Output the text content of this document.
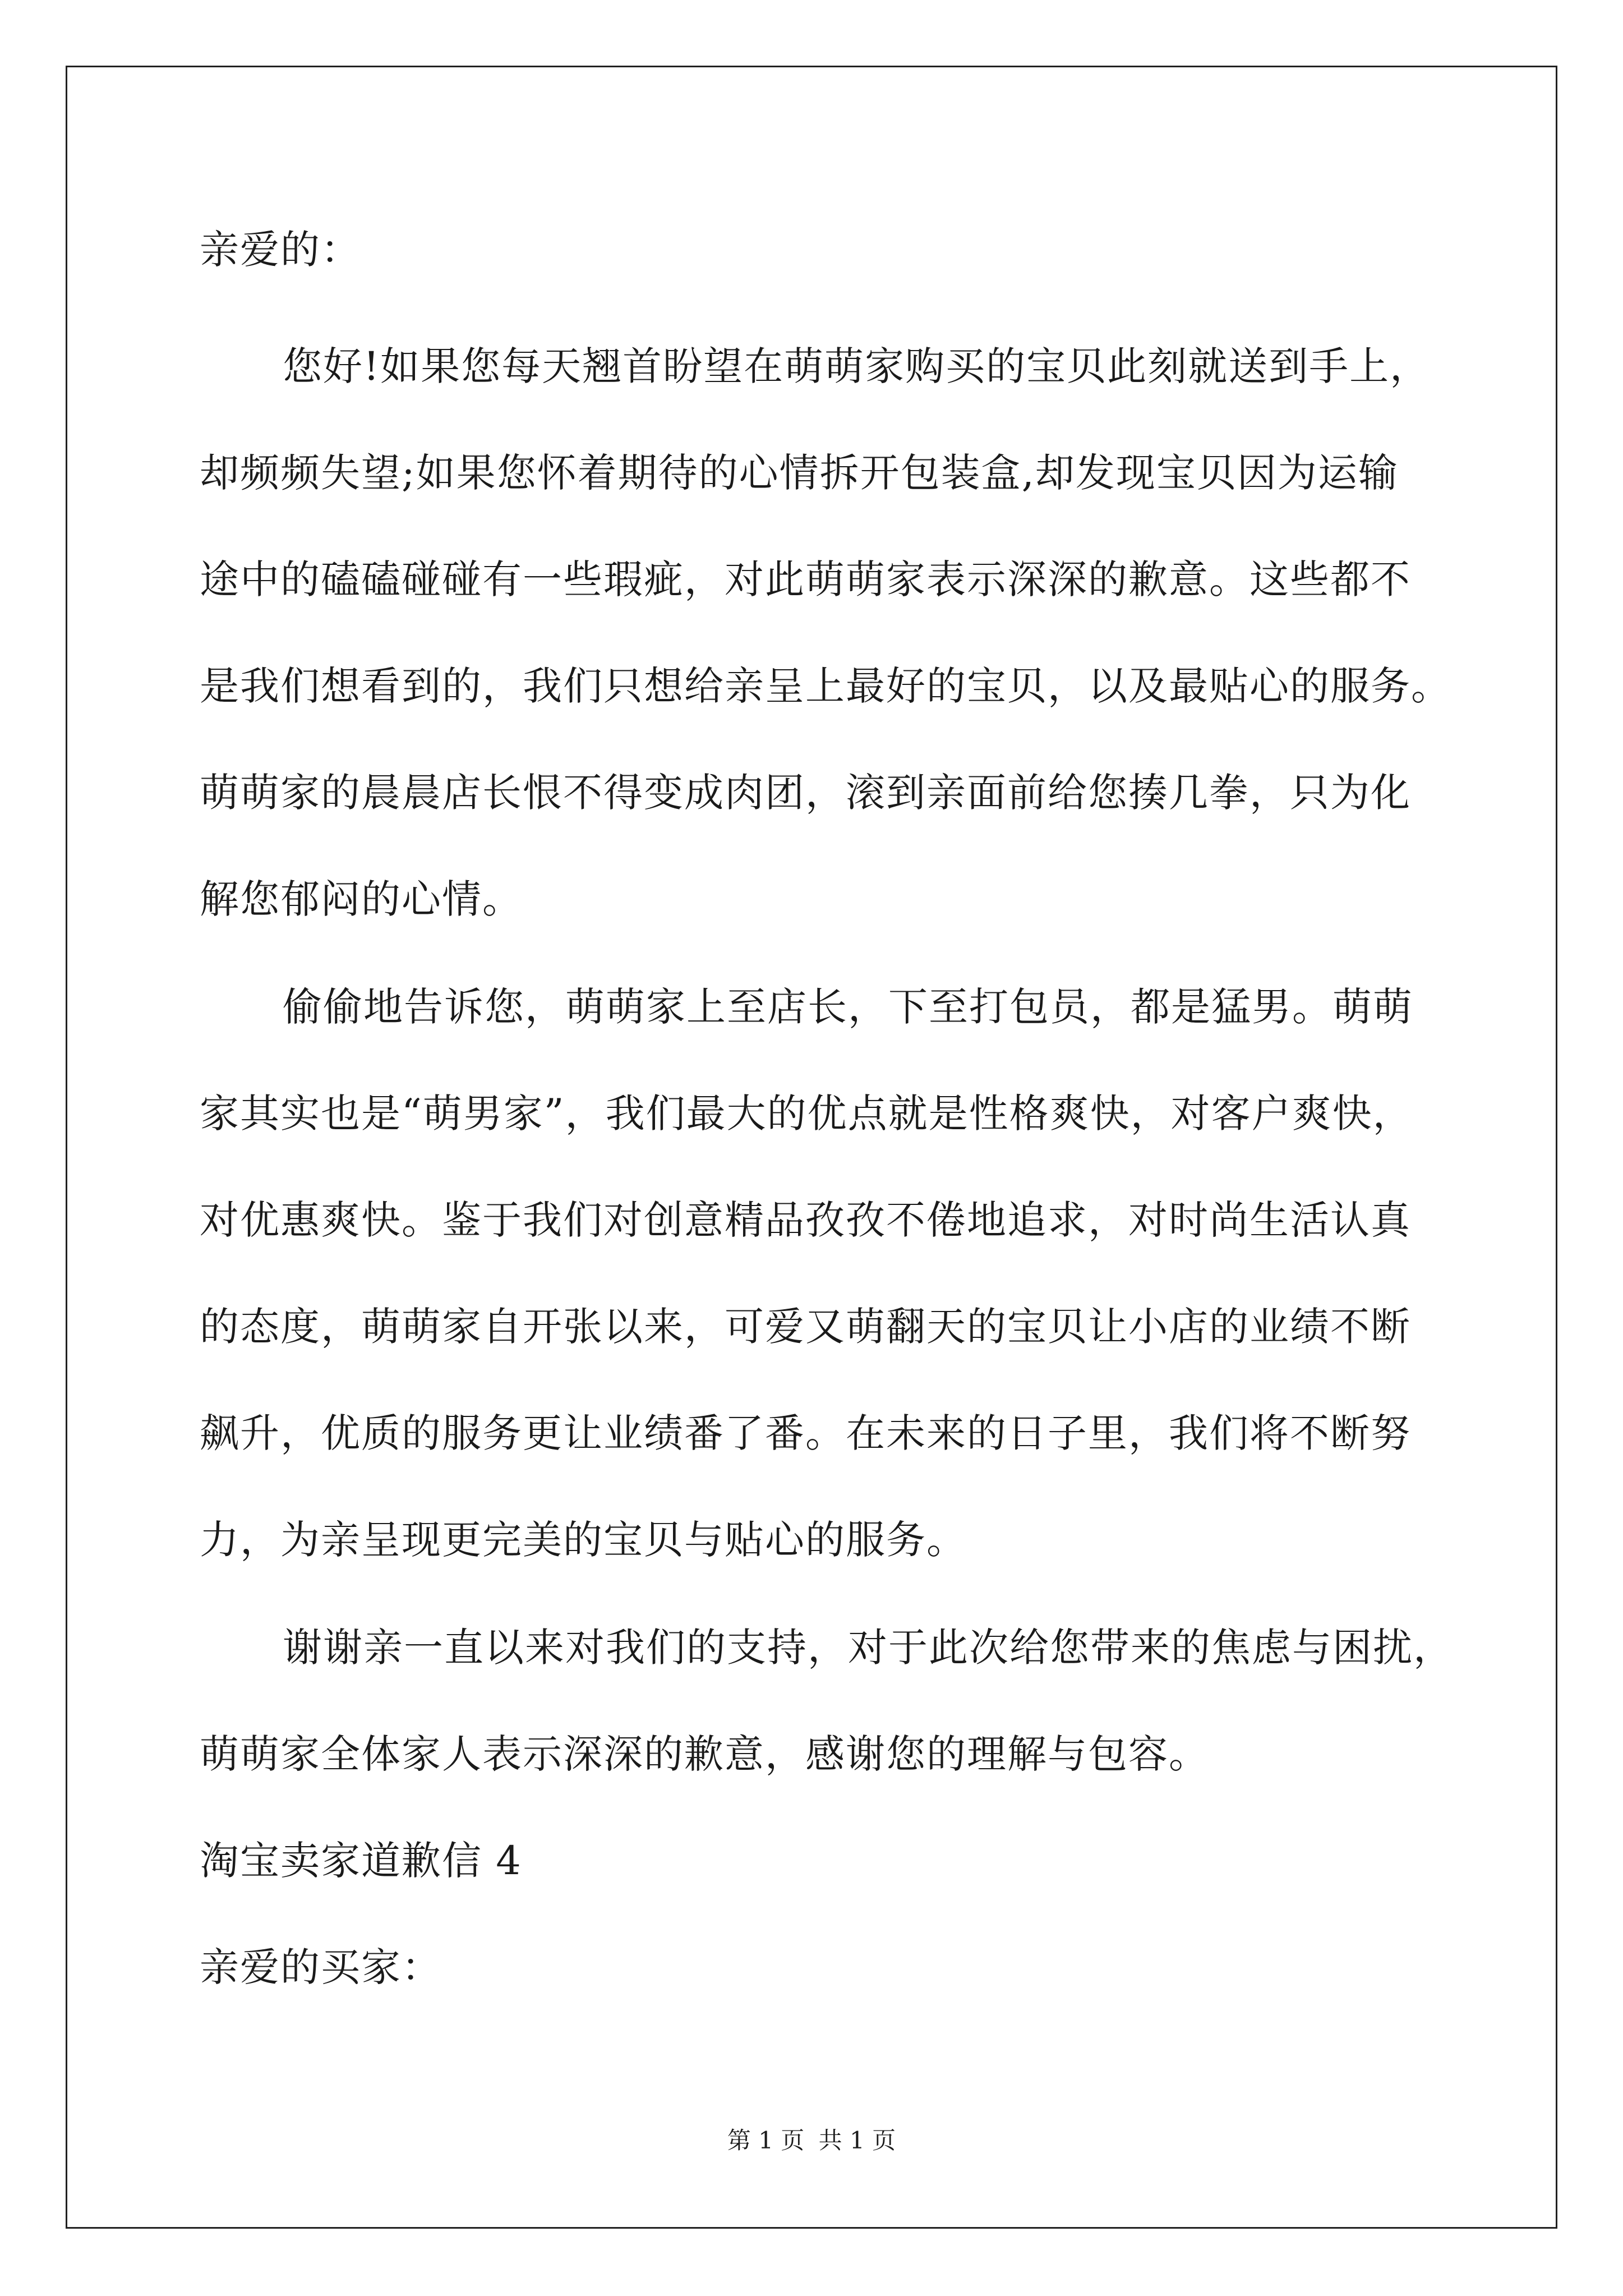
亲爱的：
您好!如果您每天翘首盼望在萌萌家购买的宝贝此刻就送到手上，
却频频失望;如果您怀着期待的心情拆开包装盒,却发现宝贝因为运输
途中的磕磕碰碰有一些瑕疵，对此萌萌家表示深深的歉意。这些都不
是我们想看到的，我们只想给亲呈上最好的宝贝，以及最贴心的服务。
萌萌家的晨晨店长恨不得变成肉团，滚到亲面前给您揍几拳，只为化
解您郁闷的心情。
偷偷地告诉您，萌萌家上至店长，下至打包员，都是猛男。萌萌
家其实也是“萌男家”，我们最大的优点就是性格爽快，对客户爽快，
对优惠爽快。鉴于我们对创意精品孜孜不倦地追求，对时尚生活认真
的态度，萌萌家自开张以来，可爱又萌翻天的宝贝让小店的业绩不断
飙升，优质的服务更让业绩番了番。在未来的日子里，我们将不断努
力，为亲呈现更完美的宝贝与贴心的服务。
谢谢亲一直以来对我们的支持，对于此次给您带来的焦虑与困扰，
萌萌家全体家人表示深深的歉意，感谢您的理解与包容。
淘宝卖家道歉信 4
亲爱的买家：
第 1 页 共 1 页
